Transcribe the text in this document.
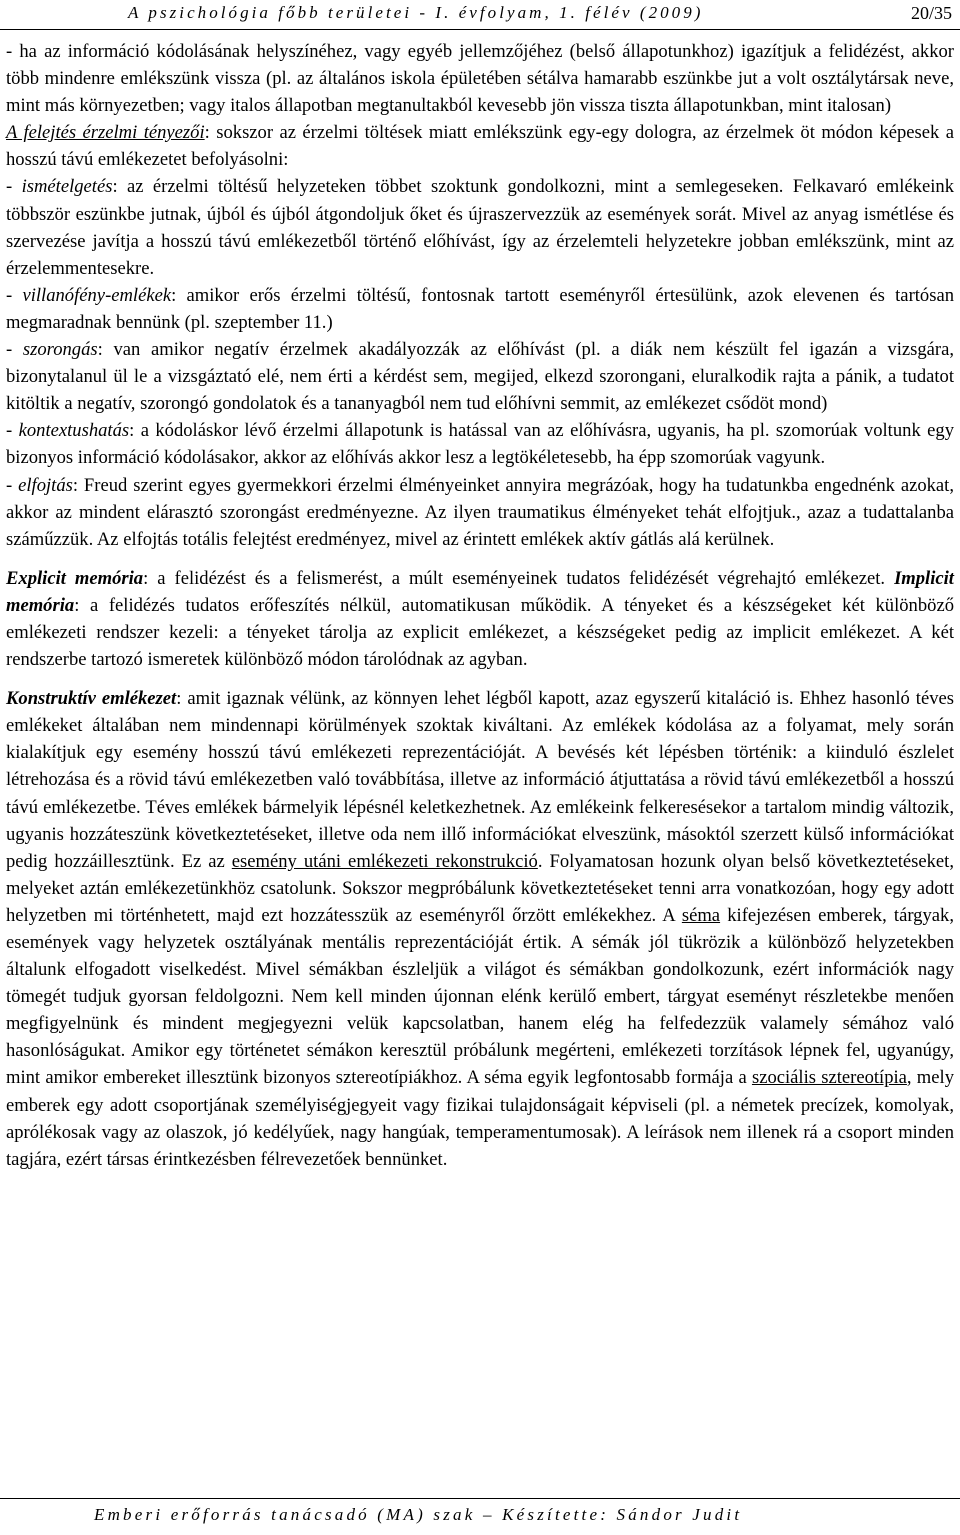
A pszichológia főbb területei - I. évfolyam, 1. félév (2009)	20/35

- ha az információ kódolásának helyszínéhez, vagy egyéb jellemzőjéhez (belső állapotunkhoz) igazítjuk a felidézést, akkor több mindenre emlékszünk vissza (pl. az általános iskola épületében sétálva hamarabb eszünkbe jut a volt osztálytársak neve, mint más környezetben; vagy italos állapotban megtanultakból kevesebb jön vissza tiszta állapotunkban, mint italosan)

A felejtés érzelmi tényezői: sokszor az érzelmi töltések miatt emlékszünk egy-egy dologra, az érzelmek öt módon képesek a hosszú távú emlékezetet befolyásolni:

- ismételgetés: az érzelmi töltésű helyzeteken többet szoktunk gondolkozni, mint a semlegeseken. Felkavaró emlékeink többször eszünkbe jutnak, újból és újból átgondoljuk őket és újraszervezzük az események sorát. Mivel az anyag ismétlése és szervezése javítja a hosszú távú emlékezetből történő előhívást, így az érzelemteli helyzetekre jobban emlékszünk, mint az érzelemmentesekre.

- villanófény-emlékek: amikor erős érzelmi töltésű, fontosnak tartott eseményről értesülünk, azok elevenen és tartósan megmaradnak bennünk (pl. szeptember 11.)

- szorongás: van amikor negatív érzelmek akadályozzák az előhívást (pl. a diák nem készült fel igazán a vizsgára, bizonytalanul ül le a vizsgáztató elé, nem érti a kérdést sem, megijed, elkezd szorongani, eluralkodik rajta a pánik, a tudatot kitöltik a negatív, szorongó gondolatok és a tananyagból nem tud előhívni semmit, az emlékezet csődöt mond)

- kontextushatás: a kódoláskor lévő érzelmi állapotunk is hatással van az előhívásra, ugyanis, ha pl. szomorúak voltunk egy bizonyos információ kódolásakor, akkor az előhívás akkor lesz a legtökéletesebb, ha épp szomorúak vagyunk.

- elfojtás: Freud szerint egyes gyermekkori érzelmi élményeinket annyira megrázóak, hogy ha tudatunkba engednénk azokat, akkor az mindent elárasztó szorongást eredményezne. Az ilyen traumatikus élményeket tehát elfojtjuk., azaz a tudattalanba száműzzük. Az elfojtás totális felejtést eredményez, mivel az érintett emlékek aktív gátlás alá kerülnek.

Explicit memória: a felidézést és a felismerést, a múlt eseményeinek tudatos felidézését végrehajtó emlékezet. Implicit memória: a felidézés tudatos erőfeszítés nélkül, automatikusan működik. A tényeket és a készségeket két különböző emlékezeti rendszer kezeli: a tényeket tárolja az explicit emlékezet, a készségeket pedig az implicit emlékezet. A két rendszerbe tartozó ismeretek különböző módon tárolódnak az agyban.

Konstruktív emlékezet: amit igaznak vélünk, az könnyen lehet légből kapott, azaz egyszerű kitaláció is. Ehhez hasonló téves emlékeket általában nem mindennapi körülmények szoktak kiváltani. Az emlékek kódolása az a folyamat, mely során kialakítjuk egy esemény hosszú távú emlékezeti reprezentációját. A bevésés két lépésben történik: a kiinduló észlelet létrehozása és a rövid távú emlékezetben való továbbítása, illetve az információ átjuttatása a rövid távú emlékezetből a hosszú távú emlékezetbe. Téves emlékek bármelyik lépésnél keletkezhetnek. Az emlékeink felkeresésekor a tartalom mindig változik, ugyanis hozzáteszünk következtetéseket, illetve oda nem illő információkat elveszünk, másoktól szerzett külső információkat pedig hozzáillesztünk. Ez az esemény utáni emlékezeti rekonstrukció. Folyamatosan hozunk olyan belső következtetéseket, melyeket aztán emlékezetünkhöz csatolunk. Sokszor megpróbálunk következtetéseket tenni arra vonatkozóan, hogy egy adott helyzetben mi történhetett, majd ezt hozzátesszük az eseményről őrzött emlékekhez. A séma kifejezésen emberek, tárgyak, események vagy helyzetek osztályának mentális reprezentációját értik. A sémák jól tükrözik a különböző helyzetekben általunk elfogadott viselkedést. Mivel sémákban észleljük a világot és sémákban gondolkozunk, ezért információk nagy tömegét tudjuk gyorsan feldolgozni. Nem kell minden újonnan elénk kerülő embert, tárgyat eseményt részletekbe menően megfigyelnünk és mindent megjegyezni velük kapcsolatban, hanem elég ha felfedezzük valamely sémához való hasonlóságukat. Amikor egy történetet sémákon keresztül próbálunk megérteni, emlékezeti torzítások lépnek fel, ugyanúgy, mint amikor embereket illesztünk bizonyos sztereotípiákhoz. A séma egyik legfontosabb formája a szociális sztereotípia, mely emberek egy adott csoportjának személyiségjegyeit vagy fizikai tulajdonságait képviseli (pl. a németek precízek, komolyak, aprólékosak vagy az olaszok, jó kedélyűek, nagy hangúak, temperamentumosak). A leírások nem illenek rá a csoport minden tagjára, ezért társas érintkezésben félrevezetőek bennünket.

Emberi erőforrás tanácsadó (MA) szak – Készítette: Sándor Judit
